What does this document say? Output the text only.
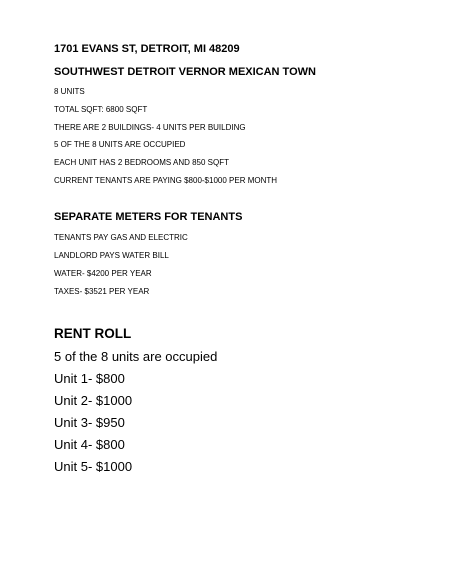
1701 EVANS ST, DETROIT, MI 48209
SOUTHWEST DETROIT VERNOR MEXICAN TOWN
8 UNITS
TOTAL SQFT: 6800 SQFT
THERE ARE 2 BUILDINGS- 4 UNITS PER BUILDING
5 OF THE 8 UNITS ARE OCCUPIED
EACH UNIT HAS 2 BEDROOMS AND 850 SQFT
CURRENT TENANTS ARE PAYING $800-$1000 PER MONTH
SEPARATE METERS FOR TENANTS
TENANTS PAY GAS AND ELECTRIC
LANDLORD PAYS WATER BILL
WATER- $4200 PER YEAR
TAXES- $3521 PER YEAR
RENT ROLL
5 of the 8 units are occupied
Unit 1- $800
Unit 2- $1000
Unit 3- $950
Unit 4- $800
Unit 5- $1000
